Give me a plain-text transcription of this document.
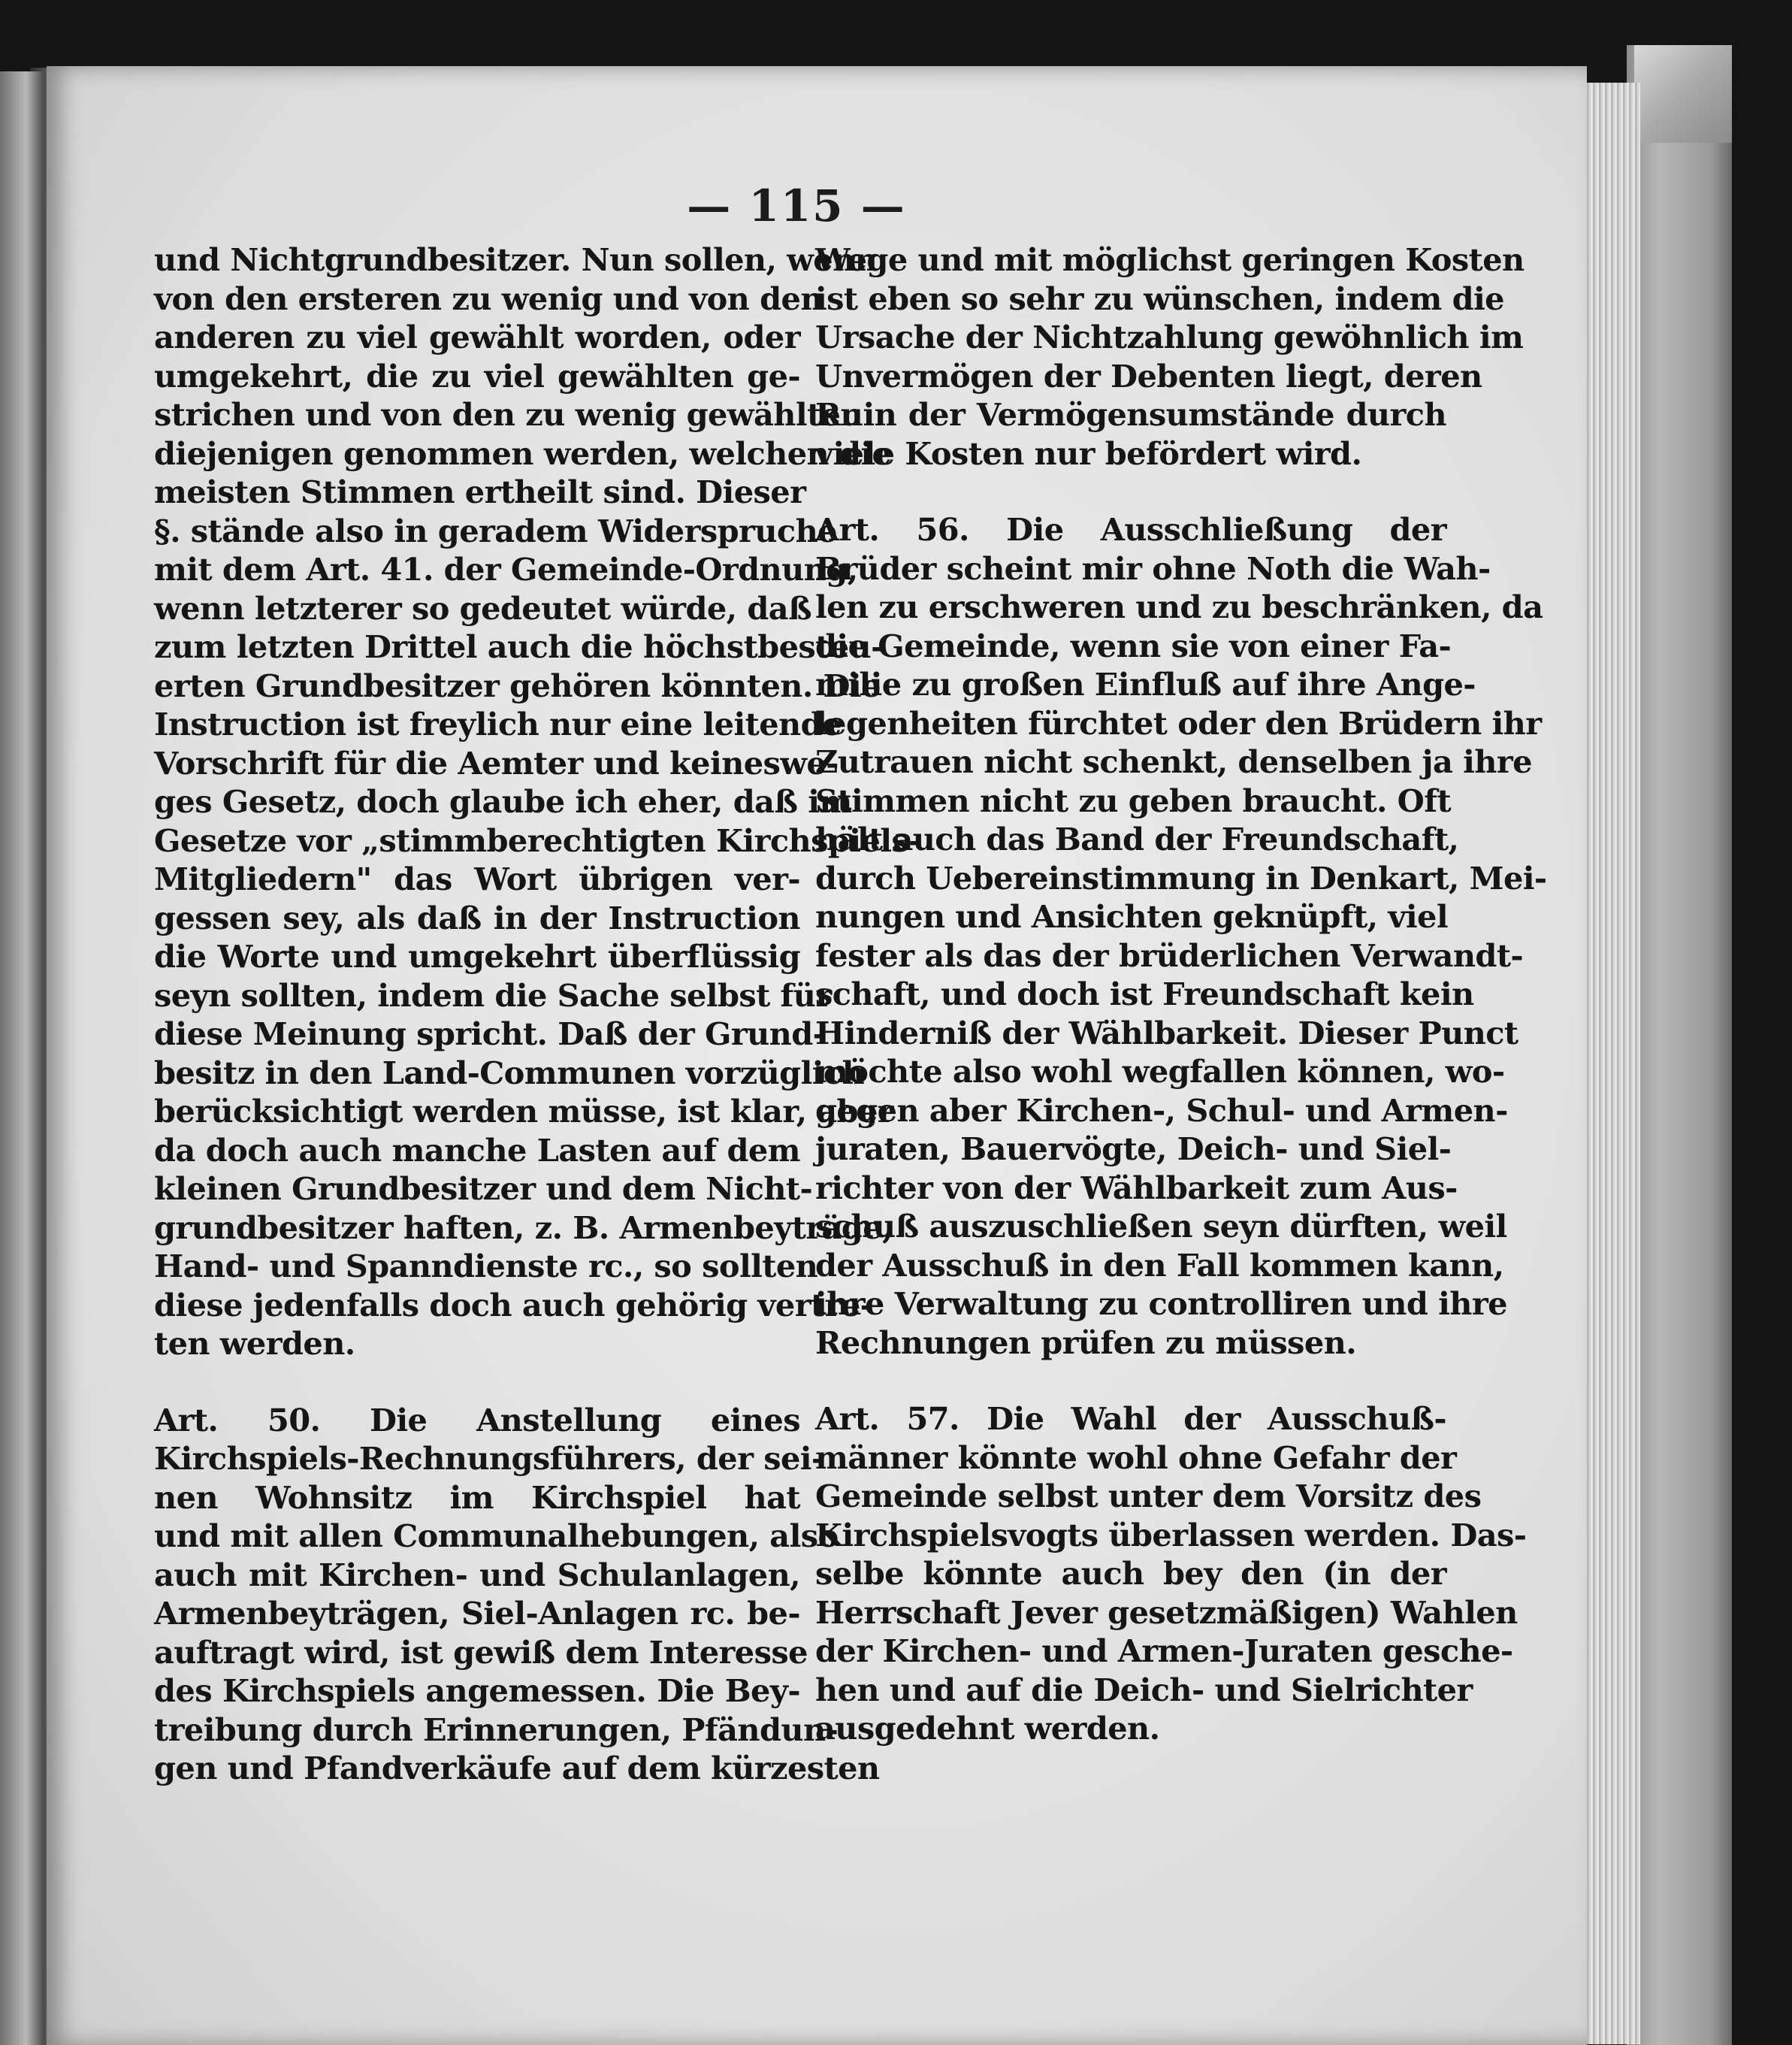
— 115 —
und Nichtgrundbesitzer. Nun sollen, wenn
von den ersteren zu wenig und von den
anderen zu viel gewählt worden, oder
umgekehrt, die zu viel gewählten ge-
strichen und von den zu wenig gewählten
diejenigen genommen werden, welchen die
meisten Stimmen ertheilt sind. Dieser
§. stände also in geradem Widerspruche
mit dem Art. 41. der Gemeinde-Ordnung,
wenn letzterer so gedeutet würde, daß
zum letzten Drittel auch die höchstbesteu-
erten Grundbesitzer gehören könnten. Die
Instruction ist freylich nur eine leitende
Vorschrift für die Aemter und keineswe-
ges Gesetz, doch glaube ich eher, daß im
Gesetze vor „stimmberechtigten Kirchspiels-
Mitgliedern" das Wort übrigen ver-
gessen sey, als daß in der Instruction
die Worte und umgekehrt überflüssig
seyn sollten, indem die Sache selbst für
diese Meinung spricht. Daß der Grund-
besitz in den Land-Communen vorzüglich
berücksichtigt werden müsse, ist klar, aber
da doch auch manche Lasten auf dem
kleinen Grundbesitzer und dem Nicht-
grundbesitzer haften, z. B. Armenbeyträge,
Hand- und Spanndienste rc., so sollten
diese jedenfalls doch auch gehörig vertre-
ten werden.
Art. 50. Die Anstellung eines
Kirchspiels-Rechnungsführers, der sei-
nen Wohnsitz im Kirchspiel hat
und mit allen Communalhebungen, also
auch mit Kirchen- und Schulanlagen,
Armenbeyträgen, Siel-Anlagen rc. be-
auftragt wird, ist gewiß dem Interesse
des Kirchspiels angemessen. Die Bey-
treibung durch Erinnerungen, Pfändun-
gen und Pfandverkäufe auf dem kürzesten
Wege und mit möglichst geringen Kosten
ist eben so sehr zu wünschen, indem die
Ursache der Nichtzahlung gewöhnlich im
Unvermögen der Debenten liegt, deren
Ruin der Vermögensumstände durch
viele Kosten nur befördert wird.
Art. 56. Die Ausschließung der
Brüder scheint mir ohne Noth die Wah-
len zu erschweren und zu beschränken, da
die Gemeinde, wenn sie von einer Fa-
milie zu großen Einfluß auf ihre Ange-
legenheiten fürchtet oder den Brüdern ihr
Zutrauen nicht schenkt, denselben ja ihre
Stimmen nicht zu geben braucht. Oft
hält auch das Band der Freundschaft,
durch Uebereinstimmung in Denkart, Mei-
nungen und Ansichten geknüpft, viel
fester als das der brüderlichen Verwandt-
schaft, und doch ist Freundschaft kein
Hinderniß der Wählbarkeit. Dieser Punct
möchte also wohl wegfallen können, wo-
gegen aber Kirchen-, Schul- und Armen-
juraten, Bauervögte, Deich- und Siel-
richter von der Wählbarkeit zum Aus-
schuß auszuschließen seyn dürften, weil
der Ausschuß in den Fall kommen kann,
ihre Verwaltung zu controlliren und ihre
Rechnungen prüfen zu müssen.
Art. 57. Die Wahl der Ausschuß-
männer könnte wohl ohne Gefahr der
Gemeinde selbst unter dem Vorsitz des
Kirchspielsvogts überlassen werden. Das-
selbe könnte auch bey den (in der
Herrschaft Jever gesetzmäßigen) Wahlen
der Kirchen- und Armen-Juraten gesche-
hen und auf die Deich- und Sielrichter
ausgedehnt werden.
